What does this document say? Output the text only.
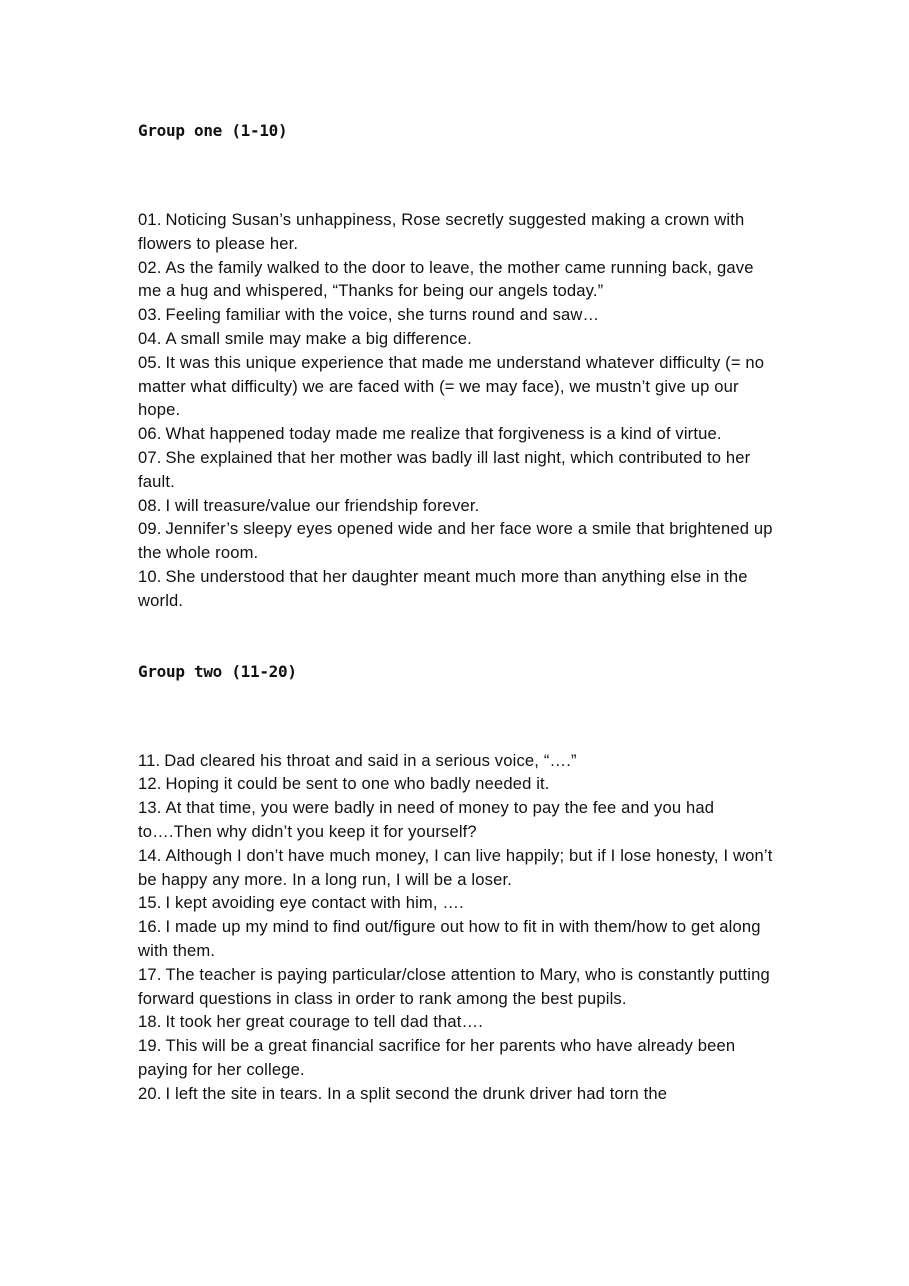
Group one (1-10)
01. Noticing Susan’s unhappiness, Rose secretly suggested making a crown with flowers to please her.
02. As the family walked to the door to leave, the mother came running back, gave me a hug and whispered, “Thanks for being our angels today.”
03. Feeling familiar with the voice, she turns round and saw…
04. A small smile may make a big difference.
05. It was this unique experience that made me understand whatever difficulty (= no matter what difficulty) we are faced with (= we may face), we mustn’t give up our hope.
06. What happened today made me realize that forgiveness is a kind of virtue.
07. She explained that her mother was badly ill last night, which contributed to her fault.
08. I will treasure/value our friendship forever.
09. Jennifer’s sleepy eyes opened wide and her face wore a smile that brightened up the whole room.
10. She understood that her daughter meant much more than anything else in the world.
Group two (11-20)
11. Dad cleared his throat and said in a serious voice, “….”
12. Hoping it could be sent to one who badly needed it.
13. At that time, you were badly in need of money to pay the fee and you had to….Then why didn’t you keep it for yourself?
14. Although I don’t have much money, I can live happily; but if I lose honesty, I won’t be happy any more. In a long run, I will be a loser.
15. I kept avoiding eye contact with him, ….
16. I made up my mind to find out/figure out how to fit in with them/how to get along with them.
17. The teacher is paying particular/close attention to Mary, who is constantly putting forward questions in class in order to rank among the best pupils.
18. It took her great courage to tell dad that….
19. This will be a great financial sacrifice for her parents who have already been paying for her college.
20. I left the site in tears. In a split second the drunk driver had torn the
